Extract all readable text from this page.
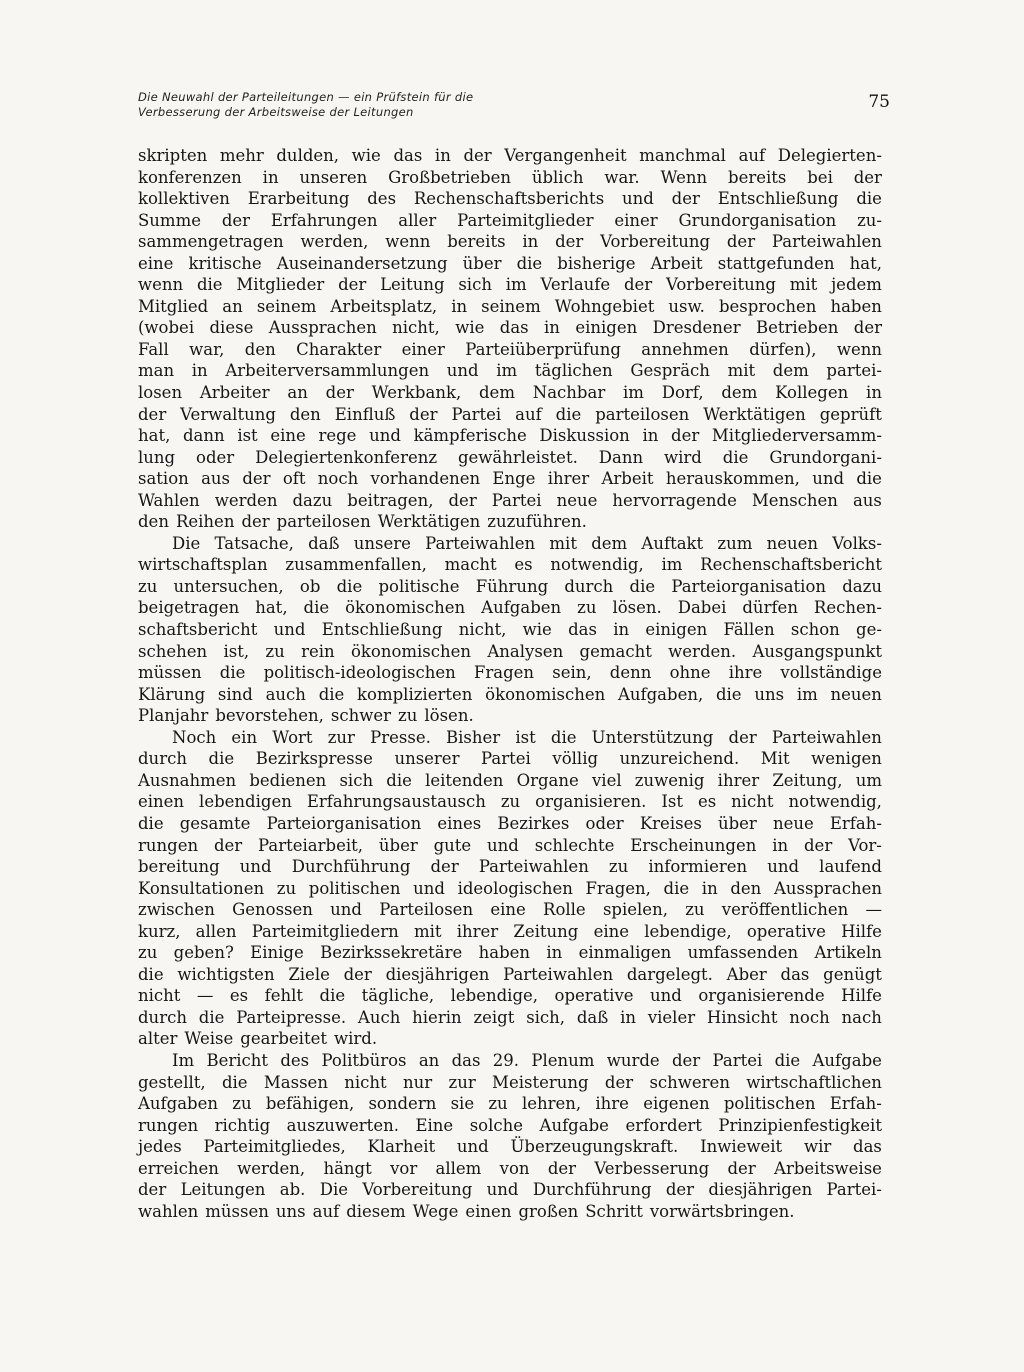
Die Neuwahl der Parteileitungen — ein Prüfstein für die
Verbesserung der Arbeitsweise der Leitungen	75
skripten mehr dulden, wie das in der Vergangenheit manchmal auf Delegierten-
konferenzen in unseren Großbetrieben üblich war. Wenn bereits bei der
kollektiven Erarbeitung des Rechenschaftsberichts und der Entschließung die
Summe der Erfahrungen aller Parteimitglieder einer Grundorganisation zu-
sammengetragen werden, wenn bereits in der Vorbereitung der Parteiwahlen
eine kritische Auseinandersetzung über die bisherige Arbeit stattgefunden hat,
wenn die Mitglieder der Leitung sich im Verlaufe der Vorbereitung mit jedem
Mitglied an seinem Arbeitsplatz, in seinem Wohngebiet usw. besprochen haben
(wobei diese Aussprachen nicht, wie das in einigen Dresdener Betrieben der
Fall war, den Charakter einer Parteiüberprüfung annehmen dürfen), wenn
man in Arbeiterversammlungen und im täglichen Gespräch mit dem partei-
losen Arbeiter an der Werkbank, dem Nachbar im Dorf, dem Kollegen in
der Verwaltung den Einfluß der Partei auf die parteilosen Werktätigen geprüft
hat, dann ist eine rege und kämpferische Diskussion in der Mitgliederversamm-
lung oder Delegiertenkonferenz gewährleistet. Dann wird die Grundorgani-
sation aus der oft noch vorhandenen Enge ihrer Arbeit herauskommen, und die
Wahlen werden dazu beitragen, der Partei neue hervorragende Menschen aus
den Reihen der parteilosen Werktätigen zuzuführen.
Die Tatsache, daß unsere Parteiwahlen mit dem Auftakt zum neuen Volks-
wirtschaftsplan zusammenfallen, macht es notwendig, im Rechenschaftsbericht
zu untersuchen, ob die politische Führung durch die Parteiorganisation dazu
beigetragen hat, die ökonomischen Aufgaben zu lösen. Dabei dürfen Rechen-
schaftsbericht und Entschließung nicht, wie das in einigen Fällen schon ge-
schehen ist, zu rein ökonomischen Analysen gemacht werden. Ausgangspunkt
müssen die politisch-ideologischen Fragen sein, denn ohne ihre vollständige
Klärung sind auch die komplizierten ökonomischen Aufgaben, die uns im neuen
Planjahr bevorstehen, schwer zu lösen.
Noch ein Wort zur Presse. Bisher ist die Unterstützung der Parteiwahlen
durch die Bezirkspresse unserer Partei völlig unzureichend. Mit wenigen
Ausnahmen bedienen sich die leitenden Organe viel zuwenig ihrer Zeitung, um
einen lebendigen Erfahrungsaustausch zu organisieren. Ist es nicht notwendig,
die gesamte Parteiorganisation eines Bezirkes oder Kreises über neue Erfah-
rungen der Parteiarbeit, über gute und schlechte Erscheinungen in der Vor-
bereitung und Durchführung der Parteiwahlen zu informieren und laufend
Konsultationen zu politischen und ideologischen Fragen, die in den Aussprachen
zwischen Genossen und Parteilosen eine Rolle spielen, zu veröffentlichen —
kurz, allen Parteimitgliedern mit ihrer Zeitung eine lebendige, operative Hilfe
zu geben? Einige Bezirkssekretäre haben in einmaligen umfassenden Artikeln
die wichtigsten Ziele der diesjährigen Parteiwahlen dargelegt. Aber das genügt
nicht — es fehlt die tägliche, lebendige, operative und organisierende Hilfe
durch die Parteipresse. Auch hierin zeigt sich, daß in vieler Hinsicht noch nach
alter Weise gearbeitet wird.
Im Bericht des Politbüros an das 29. Plenum wurde der Partei die Aufgabe
gestellt, die Massen nicht nur zur Meisterung der schweren wirtschaftlichen
Aufgaben zu befähigen, sondern sie zu lehren, ihre eigenen politischen Erfah-
rungen richtig auszuwerten. Eine solche Aufgabe erfordert Prinzipienfestigkeit
jedes Parteimitgliedes, Klarheit und Überzeugungskraft. Inwieweit wir das
erreichen werden, hängt vor allem von der Verbesserung der Arbeitsweise
der Leitungen ab. Die Vorbereitung und Durchführung der diesjährigen Partei-
wahlen müssen uns auf diesem Wege einen großen Schritt vorwärtsbringen.
